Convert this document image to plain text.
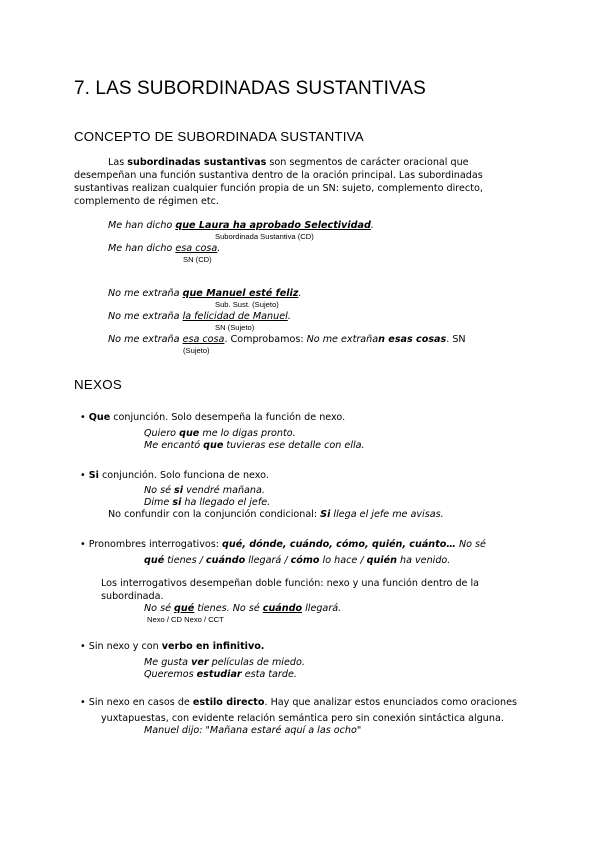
7. LAS SUBORDINADAS SUSTANTIVAS
CONCEPTO DE SUBORDINADA SUSTANTIVA
Las subordinadas sustantivas son segmentos de carácter oracional que
desempeñan una función sustantiva dentro de la oración principal. Las subordinadas
sustantivas realizan cualquier función propia de un SN: sujeto, complemento directo,
complemento de régimen etc.
Me han dicho que Laura ha aprobado Selectividad.
Subordinada Sustantiva (CD)
Me han dicho esa cosa.
SN (CD)
No me extraña que Manuel esté feliz.
Sub. Sust. (Sujeto)
No me extraña la felicidad de Manuel.
SN (Sujeto)
No me extraña esa cosa. Comprobamos: No me extrañan esas cosas. SN
(Sujeto)
NEXOS
• Que conjunción. Solo desempeña la función de nexo.
Quiero que me lo digas pronto.
Me encantó que tuvieras ese detalle con ella.
• Si conjunción. Solo funciona de nexo.
No sé si vendré mañana.
Dime si ha llegado el jefe.
No confundir con la conjunción condicional: Si llega el jefe me avisas.
• Pronombres interrogativos: qué, dónde, cuándo, cómo, quién, cuánto… No sé
qué tienes / cuándo llegará / cómo lo hace / quién ha venido.
Los interrogativos desempeñan doble función: nexo y una función dentro de la
subordinada.
No sé qué tienes. No sé cuándo llegará.
Nexo / CD Nexo / CCT
• Sin nexo y con verbo en infinitivo.
Me gusta ver películas de miedo.
Queremos estudiar esta tarde.
• Sin nexo en casos de estilo directo. Hay que analizar estos enunciados como oraciones
yuxtapuestas, con evidente relación semántica pero sin conexión sintáctica alguna.
Manuel dijo: "Mañana estaré aquí a las ocho"
